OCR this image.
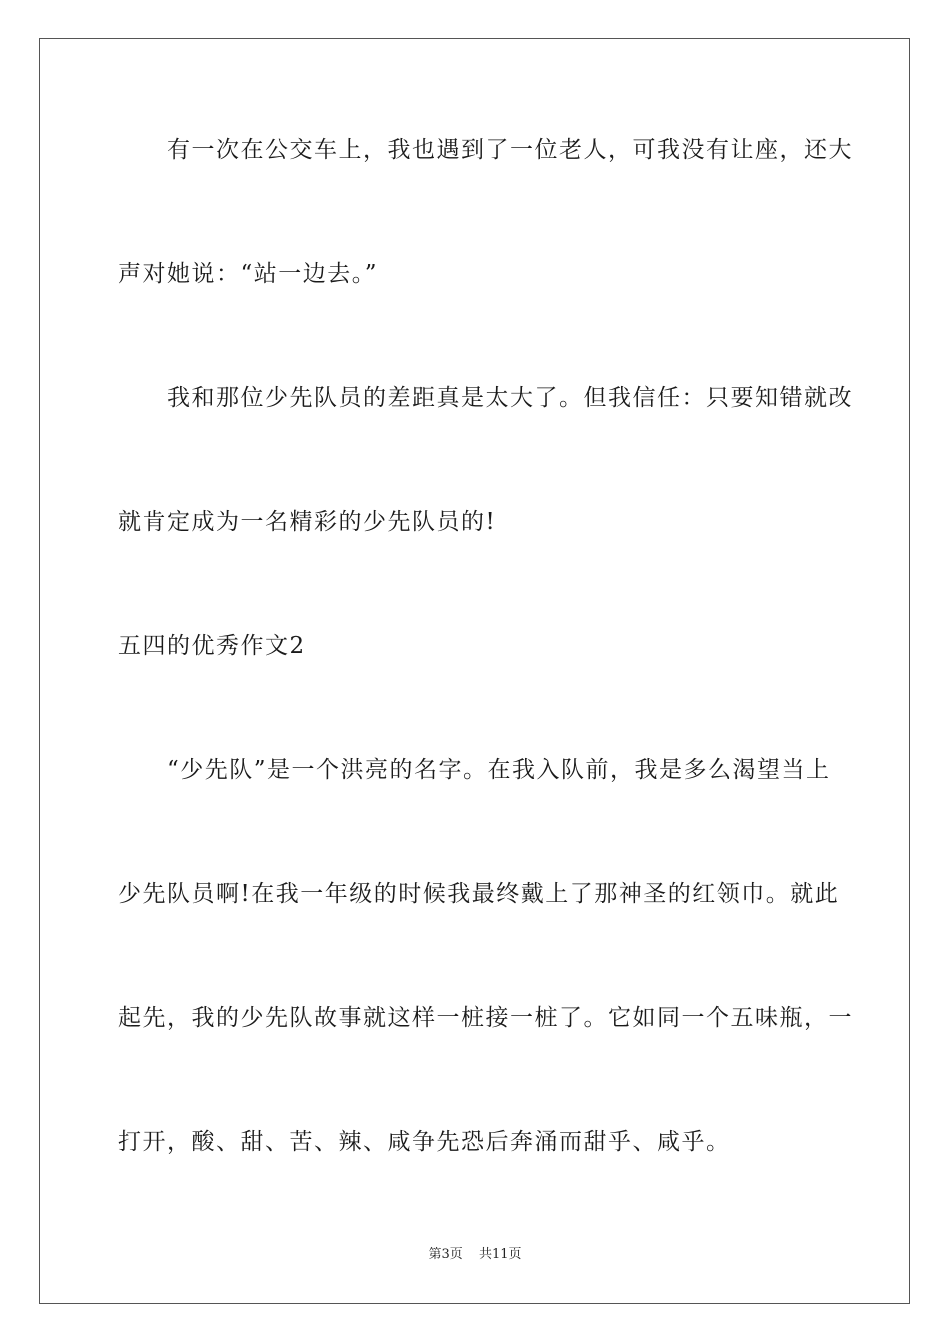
　　有一次在公交车上，我也遇到了一位老人，可我没有让座，还大
声对她说：“站一边去。”
　　我和那位少先队员的差距真是太大了。但我信任：只要知错就改
就肯定成为一名精彩的少先队员的!
五四的优秀作文2
　　“少先队”是一个洪亮的名字。在我入队前，我是多么渴望当上
少先队员啊!在我一年级的时候我最终戴上了那神圣的红领巾。就此
起先，我的少先队故事就这样一桩接一桩了。它如同一个五味瓶，一
打开，酸、甜、苦、辣、咸争先恐后奔涌而甜乎、咸乎。
第3页 共11页
